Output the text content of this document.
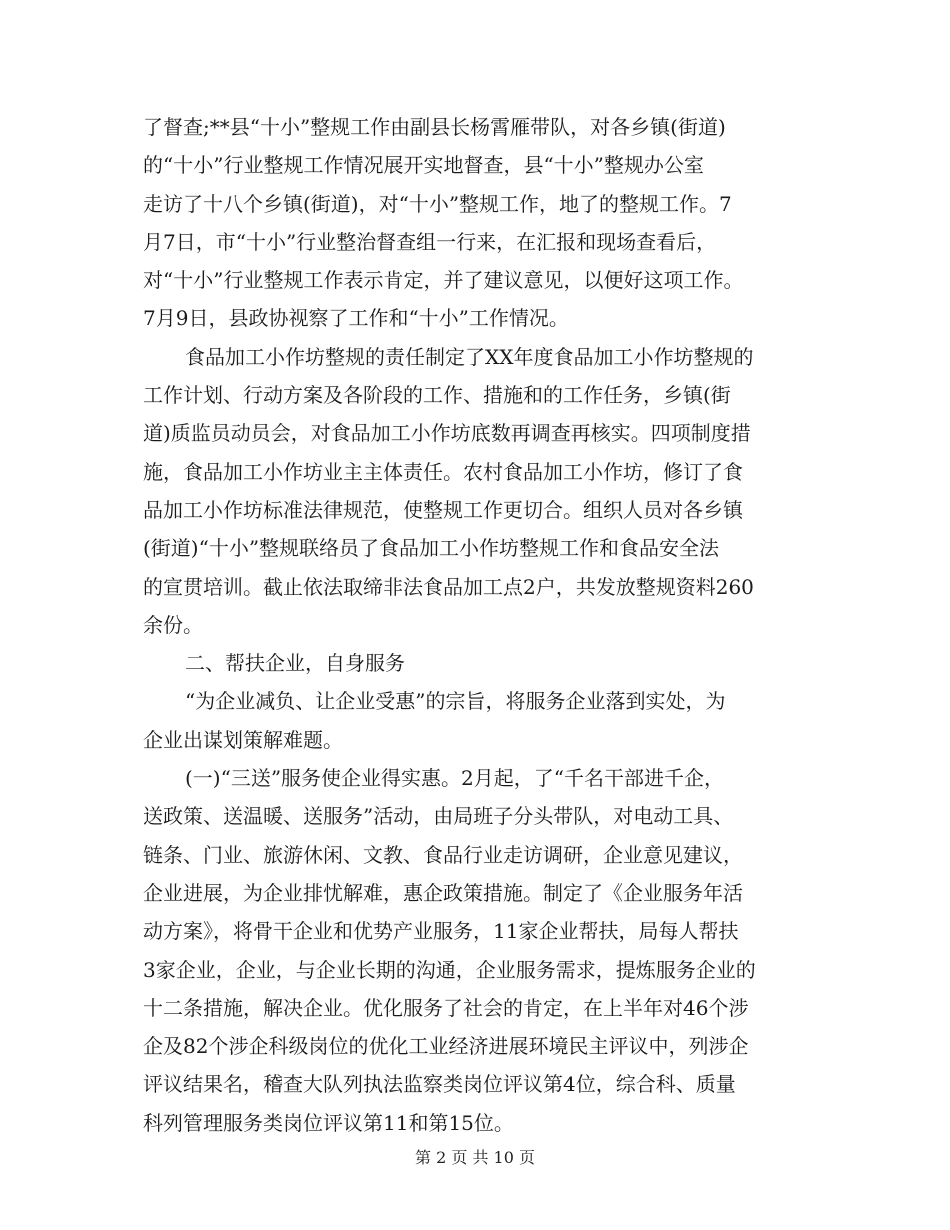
了督查;**县“十小”整规工作由副县长杨霄雁带队，对各乡镇(街道)
的“十小”行业整规工作情况展开实地督查，县“十小”整规办公室
走访了十八个乡镇(街道)，对“十小”整规工作，地了的整规工作。7
月7日，市“十小”行业整治督查组一行来，在汇报和现场查看后，
对“十小”行业整规工作表示肯定，并了建议意见，以便好这项工作。
7月9日，县政协视察了工作和“十小”工作情况。
食品加工小作坊整规的责任制定了XX年度食品加工小作坊整规的
工作计划、行动方案及各阶段的工作、措施和的工作任务，乡镇(街
道)质监员动员会，对食品加工小作坊底数再调查再核实。四项制度措
施，食品加工小作坊业主主体责任。农村食品加工小作坊，修订了食
品加工小作坊标准法律规范，使整规工作更切合。组织人员对各乡镇
(街道)“十小”整规联络员了食品加工小作坊整规工作和食品安全法
的宣贯培训。截止依法取缔非法食品加工点2户，共发放整规资料260
余份。
二、帮扶企业，自身服务
“为企业减负、让企业受惠”的宗旨，将服务企业落到实处，为
企业出谋划策解难题。
(一)“三送”服务使企业得实惠。2月起，了“千名干部进千企，
送政策、送温暖、送服务”活动，由局班子分头带队，对电动工具、
链条、门业、旅游休闲、文教、食品行业走访调研，企业意见建议，
企业进展，为企业排忧解难，惠企政策措施。制定了《企业服务年活
动方案》，将骨干企业和优势产业服务，11家企业帮扶，局每人帮扶
3家企业，企业，与企业长期的沟通，企业服务需求，提炼服务企业的
十二条措施，解决企业。优化服务了社会的肯定，在上半年对46个涉
企及82个涉企科级岗位的优化工业经济进展环境民主评议中，列涉企
评议结果名，稽查大队列执法监察类岗位评议第4位，综合科、质量
科列管理服务类岗位评议第11和第15位。
第 2 页 共 10 页
